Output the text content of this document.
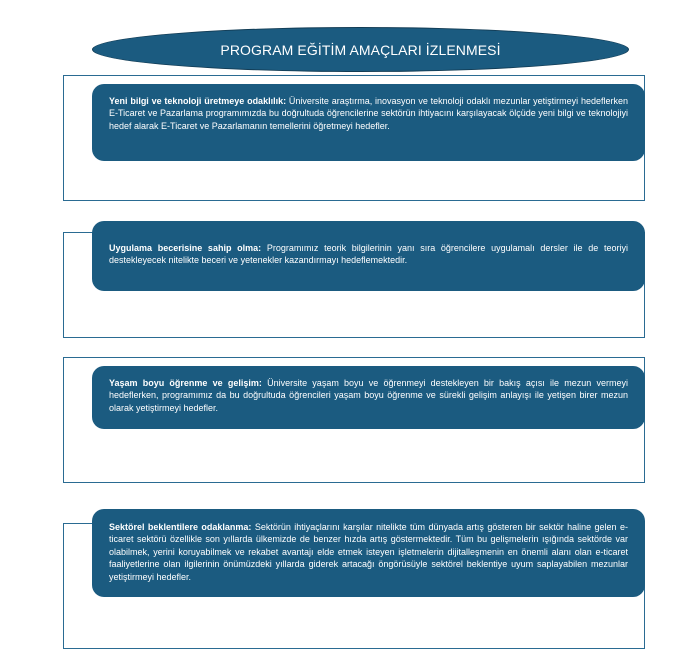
PROGRAM EĞİTİM AMAÇLARI İZLENMESİ
Yeni bilgi ve teknoloji üretmeye odaklılık: Üniversite araştırma, inovasyon ve teknoloji odaklı mezunlar yetiştirmeyi hedeflerken E-Ticaret ve Pazarlama programımızda bu doğrultuda öğrencilerine sektörün ihtiyacını karşılayacak ölçüde yeni bilgi ve teknolojiyi hedef alarak E-Ticaret ve Pazarlamanın temellerini öğretmeyi hedefler.
Uygulama becerisine sahip olma: Programımız teorik bilgilerinin yanı sıra öğrencilere uygulamalı dersler ile de teoriyi destekleyecek nitelikte beceri ve yetenekler kazandırmayı hedeflemektedir.
Yaşam boyu öğrenme ve gelişim: Üniversite yaşam boyu ve öğrenmeyi destekleyen bir bakış açısı ile mezun vermeyi hedeflerken, programımız da bu doğrultuda öğrencileri yaşam boyu öğrenme ve sürekli gelişim anlayışı ile yetişen birer mezun olarak yetiştirmeyi hedefler.
Sektörel beklentilere odaklanma: Sektörün ihtiyaçlarını karşılar nitelikte tüm dünyada artış gösteren bir sektör haline gelen e-ticaret sektörü özellikle son yıllarda ülkemizde de benzer hızda artış göstermektedir. Tüm bu gelişmelerin ışığında sektörde var olabilmek, yerini koruyabilmek ve rekabet avantajı elde etmek isteyen işletmelerin dijitalleşmenin en önemli alanı olan e-ticaret faaliyetlerine olan ilgilerinin önümüzdeki yıllarda giderek artacağı öngörüsüyle sektörel beklentiye uyum saplayabilen mezunlar yetiştirmeyi hedefler.
